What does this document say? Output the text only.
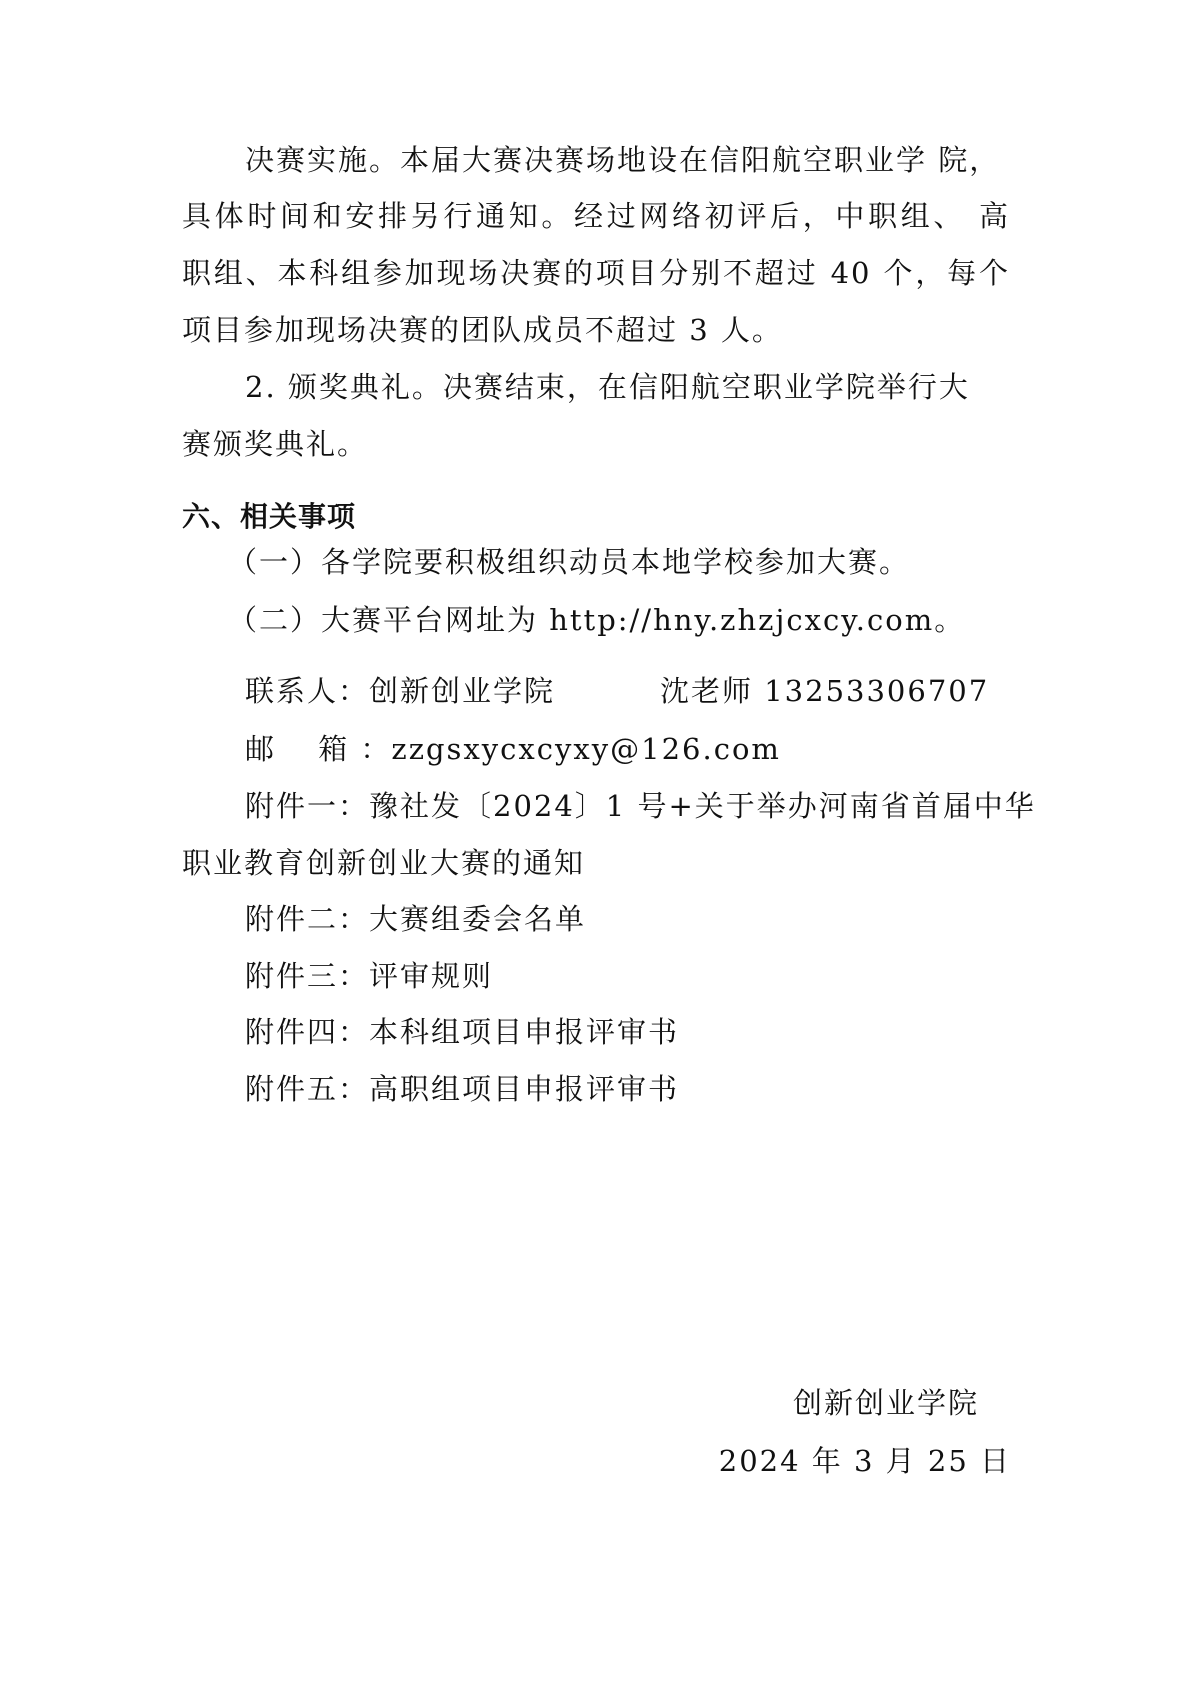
决赛实施。本届大赛决赛场地设在信阳航空职业学 院，
具体时间和安排另行通知。经过网络初评后，中职组、 高
职组、本科组参加现场决赛的项目分别不超过 40 个，每个
项目参加现场决赛的团队成员不超过 3 人。
2. 颁奖典礼。决赛结束，在信阳航空职业学院举行大
赛颁奖典礼。
六、相关事项
（一）各学院要积极组织动员本地学校参加大赛。
（二）大赛平台网址为 http://hny.zhzjcxcy.com。
联系人：创新创业学院	沈老师 13253306707
邮　 箱 ：zzgsxycxcyxy@126.com
附件一：豫社发〔2024〕1 号+关于举办河南省首届中华
职业教育创新创业大赛的通知
附件二：大赛组委会名单
附件三：评审规则
附件四：本科组项目申报评审书
附件五：高职组项目申报评审书
创新创业学院
2024 年 3 月 25 日
